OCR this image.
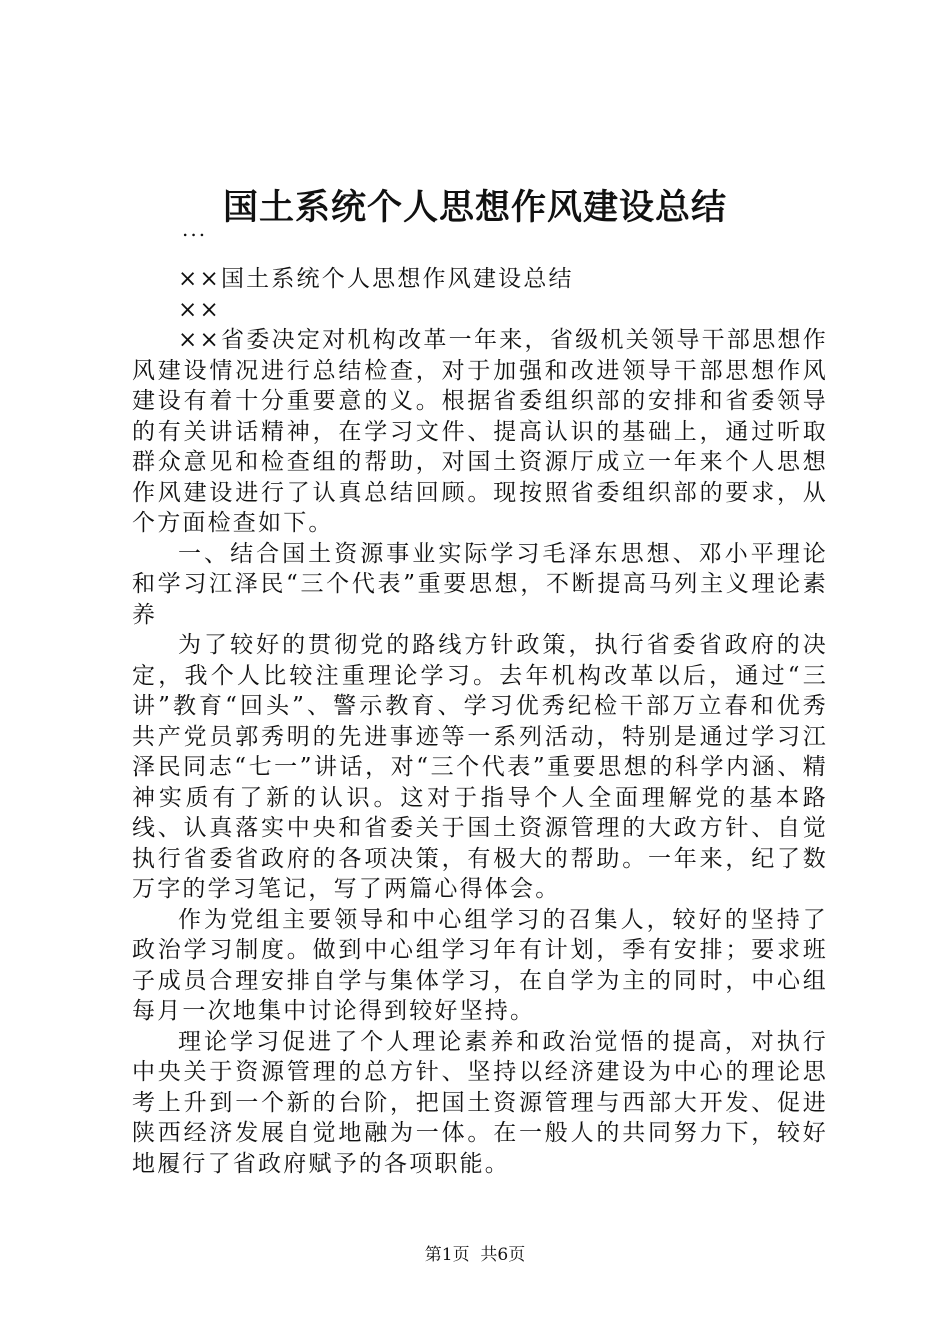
国土系统个人思想作风建设总结
...

××国土系统个人思想作风建设总结

××

××省委决定对机构改革一年来，省级机关领导干部思想作风建设情况进行总结检查，对于加强和改进领导干部思想作风建设有着十分重要意的义。根据省委组织部的安排和省委领导的有关讲话精神，在学习文件、提高认识的基础上，通过听取群众意见和检查组的帮助，对国土资源厅成立一年来个人思想作风建设进行了认真总结回顾。现按照省委组织部的要求，从个方面检查如下。

一、结合国土资源事业实际学习毛泽东思想、邓小平理论和学习江泽民“三个代表”重要思想，不断提高马列主义理论素养

为了较好的贯彻党的路线方针政策，执行省委省政府的决定，我个人比较注重理论学习。去年机构改革以后，通过“三讲”教育“回头”、警示教育、学习优秀纪检干部万立春和优秀共产党员郭秀明的先进事迹等一系列活动，特别是通过学习江泽民同志“七一”讲话，对“三个代表”重要思想的科学内涵、精神实质有了新的认识。这对于指导个人全面理解党的基本路线、认真落实中央和省委关于国土资源管理的大政方针、自觉执行省委省政府的各项决策，有极大的帮助。一年来，纪了数万字的学习笔记，写了两篇心得体会。

作为党组主要领导和中心组学习的召集人，较好的坚持了政治学习制度。做到中心组学习年有计划，季有安排；要求班子成员合理安排自学与集体学习，在自学为主的同时，中心组每月一次地集中讨论得到较好坚持。

理论学习促进了个人理论素养和政治觉悟的提高，对执行中央关于资源管理的总方针、坚持以经济建设为中心的理论思考上升到一个新的台阶，把国土资源管理与西部大开发、促进陕西经济发展自觉地融为一体。在一般人的共同努力下，较好地履行了省政府赋予的各项职能。

第1页 共6页
